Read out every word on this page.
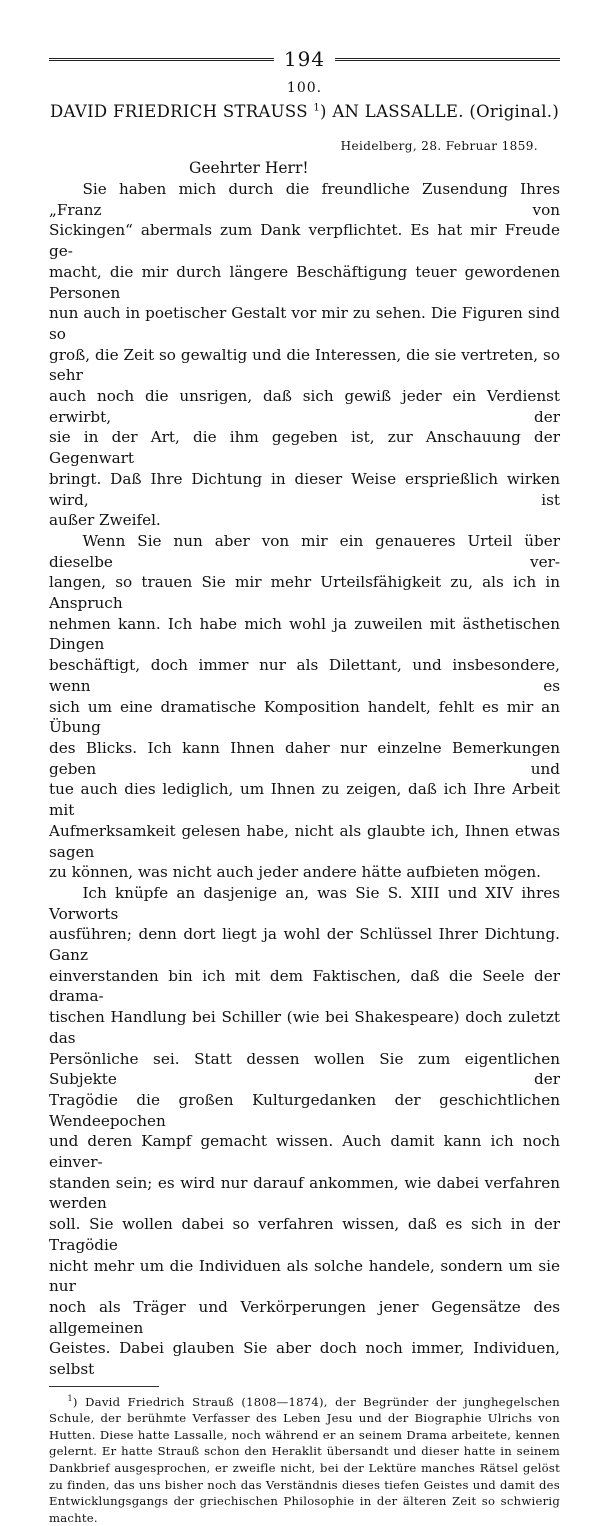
194
100.
DAVID FRIEDRICH STRAUSS $^1$) AN LASSALLE. (Original.)
Heidelberg, 28. Februar 1859.
Geehrter Herr!

Sie haben mich durch die freundliche Zusendung Ihres „Franz von
Sickingen“ abermals zum Dank verpflichtet. Es hat mir Freude ge-
macht, die mir durch längere Beschäftigung teuer gewordenen Personen
nun auch in poetischer Gestalt vor mir zu sehen. Die Figuren sind so
groß, die Zeit so gewaltig und die Interessen, die sie vertreten, so sehr
auch noch die unsrigen, daß sich gewiß jeder ein Verdienst erwirbt, der
sie in der Art, die ihm gegeben ist, zur Anschauung der Gegenwart
bringt. Daß Ihre Dichtung in dieser Weise ersprießlich wirken wird, ist
außer Zweifel.

Wenn Sie nun aber von mir ein genaueres Urteil über dieselbe ver-
langen, so trauen Sie mir mehr Urteilsfähigkeit zu, als ich in Anspruch
nehmen kann. Ich habe mich wohl ja zuweilen mit ästhetischen Dingen
beschäftigt, doch immer nur als Dilettant, und insbesondere, wenn es
sich um eine dramatische Komposition handelt, fehlt es mir an Übung
des Blicks. Ich kann Ihnen daher nur einzelne Bemerkungen geben und
tue auch dies lediglich, um Ihnen zu zeigen, daß ich Ihre Arbeit mit
Aufmerksamkeit gelesen habe, nicht als glaubte ich, Ihnen etwas sagen
zu können, was nicht auch jeder andere hätte aufbieten mögen.

Ich knüpfe an dasjenige an, was Sie S. XIII und XIV ihres Vorworts
ausführen; denn dort liegt ja wohl der Schlüssel Ihrer Dichtung. Ganz
einverstanden bin ich mit dem Faktischen, daß die Seele der drama-
tischen Handlung bei Schiller (wie bei Shakespeare) doch zuletzt das
Persönliche sei. Statt dessen wollen Sie zum eigentlichen Subjekte der
Tragödie die großen Kulturgedanken der geschichtlichen Wendeepochen
und deren Kampf gemacht wissen. Auch damit kann ich noch einver-
standen sein; es wird nur darauf ankommen, wie dabei verfahren werden
soll. Sie wollen dabei so verfahren wissen, daß es sich in der Tragödie
nicht mehr um die Individuen als solche handele, sondern um sie nur
noch als Träger und Verkörperungen jener Gegensätze des allgemeinen
Geistes. Dabei glauben Sie aber doch noch immer, Individuen, selbst

$^1$) David Friedrich Strauß (1808—1874), der Begründer der junghegelschen
Schule, der berühmte Verfasser des Leben Jesu und der Biographie Ulrichs von
Hutten. Diese hatte Lassalle, noch während er an seinem Drama arbeitete, kennen
gelernt. Er hatte Strauß schon den Heraklit übersandt und dieser hatte in seinem
Dankbrief ausgesprochen, er zweifle nicht, bei der Lektüre manches Rätsel gelöst
zu finden, das uns bisher noch das Verständnis dieses tiefen Geistes und damit des
Entwicklungsgangs der griechischen Philosophie in der älteren Zeit so schwierig
machte.
